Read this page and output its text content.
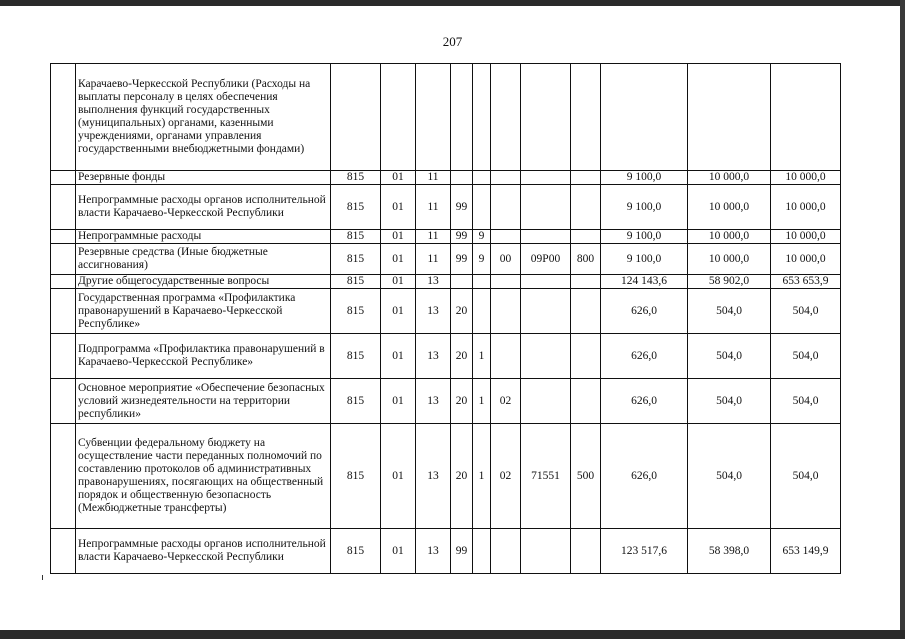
207
	Карачаево-Черкесской Республики (Расходы на выплаты персоналу в целях обеспечения выполнения функций государственных (муниципальных) органами, казенными учреждениями, органами управления государственными внебюджетными фондами)											
	Резервные фонды	815	01	11						9 100,0	10 000,0	10 000,0
	Непрограммные расходы органов исполнительной власти Карачаево-Черкесской Республики	815	01	11	99					9 100,0	10 000,0	10 000,0
	Непрограммные расходы	815	01	11	99	9				9 100,0	10 000,0	10 000,0
	Резервные средства (Иные бюджетные ассигнования)	815	01	11	99	9	00	09Р00	800	9 100,0	10 000,0	10 000,0
	Другие общегосударственные вопросы	815	01	13						124 143,6	58 902,0	653 653,9
	Государственная программа «Профилактика правонарушений в Карачаево-Черкесской Республике»	815	01	13	20					626,0	504,0	504,0
	Подпрограмма «Профилактика правонарушений в Карачаево-Черкесской Республике»	815	01	13	20	1				626,0	504,0	504,0
	Основное мероприятие «Обеспечение безопасных условий жизнедеятельности на территории республики»	815	01	13	20	1	02			626,0	504,0	504,0
	Субвенции федеральному бюджету на осуществление части переданных полномочий по составлению протоколов об административных правонарушениях, посягающих на общественный порядок и общественную безопасность (Межбюджетные трансферты)	815	01	13	20	1	02	71551	500	626,0	504,0	504,0
	Непрограммные расходы органов исполнительной власти Карачаево-Черкесской Республики	815	01	13	99					123 517,6	58 398,0	653 149,9
